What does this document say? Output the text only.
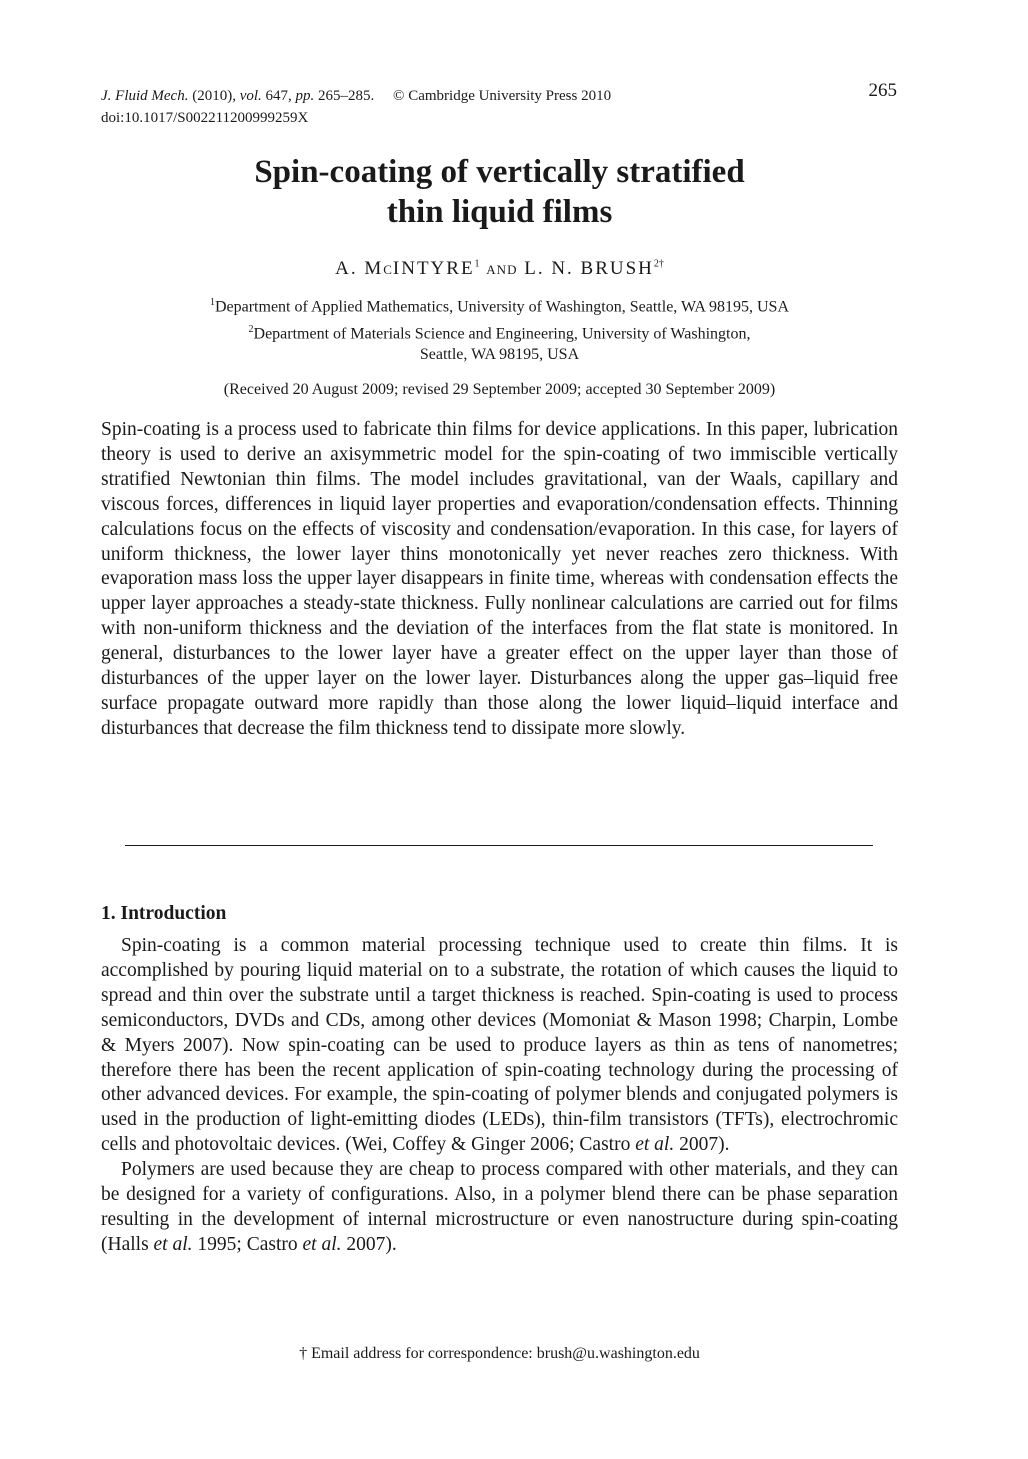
J. Fluid Mech. (2010), vol. 647, pp. 265–285. © Cambridge University Press 2010
doi:10.1017/S002211200999259X
265
Spin-coating of vertically stratified
thin liquid films
A. MCINTYRE$^1$ AND L. N. $BRUSH^{2\dagger}$
$^1$Department of Applied Mathematics, University of Washington, Seattle, WA 98195, USA
$^2$Department of Materials Science and Engineering, University of Washington,
Seattle, WA 98195, USA
(Received 20 August 2009; revised 29 September 2009; accepted 30 September 2009)
Spin-coating is a process used to fabricate thin films for device applications. In this paper, lubrication theory is used to derive an axisymmetric model for the spin-coating of two immiscible vertically stratified Newtonian thin films. The model includes gravitational, van der Waals, capillary and viscous forces, differences in liquid layer properties and evaporation/condensation effects. Thinning calculations focus on the effects of viscosity and condensation/evaporation. In this case, for layers of uniform thickness, the lower layer thins monotonically yet never reaches zero thickness. With evaporation mass loss the upper layer disappears in finite time, whereas with condensation effects the upper layer approaches a steady-state thickness. Fully nonlinear calculations are carried out for films with non-uniform thickness and the deviation of the interfaces from the flat state is monitored. In general, disturbances to the lower layer have a greater effect on the upper layer than those of disturbances of the upper layer on the lower layer. Disturbances along the upper gas–liquid free surface propagate outward more rapidly than those along the lower liquid–liquid interface and disturbances that decrease the film thickness tend to dissipate more slowly.
1. Introduction

Spin-coating is a common material processing technique used to create thin films. It is accomplished by pouring liquid material on to a substrate, the rotation of which causes the liquid to spread and thin over the substrate until a target thickness is reached. Spin-coating is used to process semiconductors, DVDs and CDs, among other devices (Momoniat & Mason 1998; Charpin, Lombe & Myers 2007). Now spin-coating can be used to produce layers as thin as tens of nanometres; therefore there has been the recent application of spin-coating technology during the processing of other advanced devices. For example, the spin-coating of polymer blends and conjugated polymers is used in the production of light-emitting diodes (LEDs), thin-film transistors (TFTs), electrochromic cells and photovoltaic devices. (Wei, Coffey & Ginger 2006; Castro et al. 2007).

Polymers are used because they are cheap to process compared with other materials, and they can be designed for a variety of configurations. Also, in a polymer blend there can be phase separation resulting in the development of internal microstructure or even nanostructure during spin-coating (Halls et al. 1995; Castro et al. 2007).

† Email address for correspondence: brush@u.washington.edu
